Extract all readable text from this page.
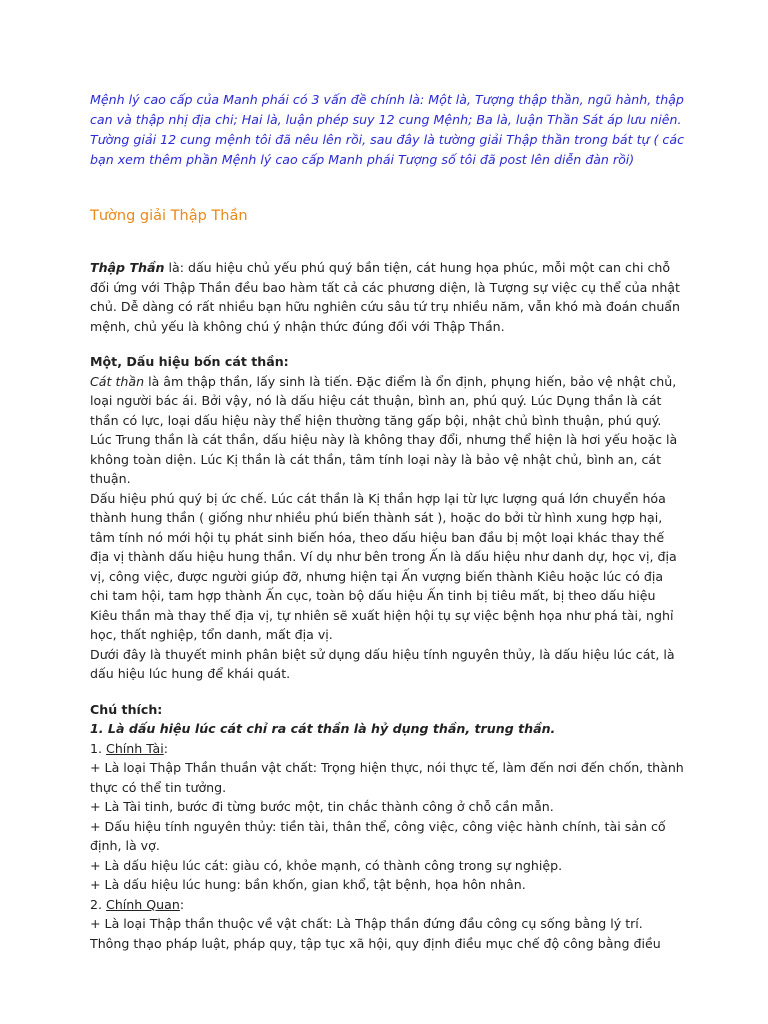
Mệnh lý cao cấp của Manh phái có 3 vấn đề chính là: Một là, Tượng thập thần, ngũ hành, thập can và thập nhị địa chi; Hai là, luận phép suy 12 cung Mệnh; Ba là, luận Thần Sát áp lưu niên. Tường giải 12 cung mệnh tôi đã nêu lên rồi, sau đây là tường giải Thập thần trong bát tự ( các bạn xem thêm phần Mệnh lý cao cấp Manh phái Tượng số tôi đã post lên diễn đàn rồi)

Tường giải Thập Thần

Thập Thần là: dấu hiệu chủ yếu phú quý bần tiện, cát hung họa phúc, mỗi một can chi chỗ đối ứng với Thập Thần đều bao hàm tất cả các phương diện, là Tượng sự việc cụ thể của nhật chủ. Dễ dàng có rất nhiều bạn hữu nghiên cứu sâu tứ trụ nhiều năm, vẫn khó mà đoán chuẩn mệnh, chủ yếu là không chú ý nhận thức đúng đối với Thập Thần.

Một, Dấu hiệu bốn cát thần:

Cát thần là âm thập thần, lấy sinh là tiến. Đặc điểm là ổn định, phụng hiến, bảo vệ nhật chủ, loại người bác ái. Bởi vậy, nó là dấu hiệu cát thuận, bình an, phú quý. Lúc Dụng thần là cát thần có lực, loại dấu hiệu này thể hiện thường tăng gấp bội, nhật chủ bình thuận, phú quý. Lúc Trung thần là cát thần, dấu hiệu này là không thay đổi, nhưng thể hiện là hơi yếu hoặc là không toàn diện. Lúc Kị thần là cát thần, tâm tính loại này là bảo vệ nhật chủ, bình an, cát thuận.

Dấu hiệu phú quý bị ức chế. Lúc cát thần là Kị thần hợp lại từ lực lượng quá lớn chuyển hóa thành hung thần ( giống như nhiều phú biến thành sát ), hoặc do bởi từ hình xung hợp hại, tâm tính nó mới hội tụ phát sinh biến hóa, theo dấu hiệu ban đầu bị một loại khác thay thế địa vị thành dấu hiệu hung thần. Ví dụ như bên trong Ấn là dấu hiệu như danh dự, học vị, địa vị, công việc, được người giúp đỡ, nhưng hiện tại Ấn vượng biến thành Kiêu hoặc lúc có địa chi tam hội, tam hợp thành Ấn cục, toàn bộ dấu hiệu Ấn tinh bị tiêu mất, bị theo dấu hiệu Kiêu thần mà thay thế địa vị, tự nhiên sẽ xuất hiện hội tụ sự việc bệnh họa như phá tài, nghỉ học, thất nghiệp, tổn danh, mất địa vị.

Dưới đây là thuyết minh phân biệt sử dụng dấu hiệu tính nguyên thủy, là dấu hiệu lúc cát, là dấu hiệu lúc hung để khái quát.

Chú thích:

1. Là dấu hiệu lúc cát chỉ ra cát thần là hỷ dụng thần, trung thần.

1. Chính Tài:

+ Là loại Thập Thần thuần vật chất: Trọng hiện thực, nói thực tế, làm đến nơi đến chốn, thành thực có thể tin tưởng.

+ Là Tài tinh, bước đi từng bước một, tin chắc thành công ở chỗ cần mẫn.

+ Dấu hiệu tính nguyên thủy: tiền tài, thân thể, công việc, công việc hành chính, tài sản cố định, là vợ.

+ Là dấu hiệu lúc cát: giàu có, khỏe mạnh, có thành công trong sự nghiệp.

+ Là dấu hiệu lúc hung: bần khốn, gian khổ, tật bệnh, họa hôn nhân.

2. Chính Quan:

+ Là loại Thập thần thuộc về vật chất: Là Thập thần đứng đầu công cụ sống bằng lý trí. Thông thạo pháp luật, pháp quy, tập tục xã hội, quy định điều mục chế độ công bằng điều
